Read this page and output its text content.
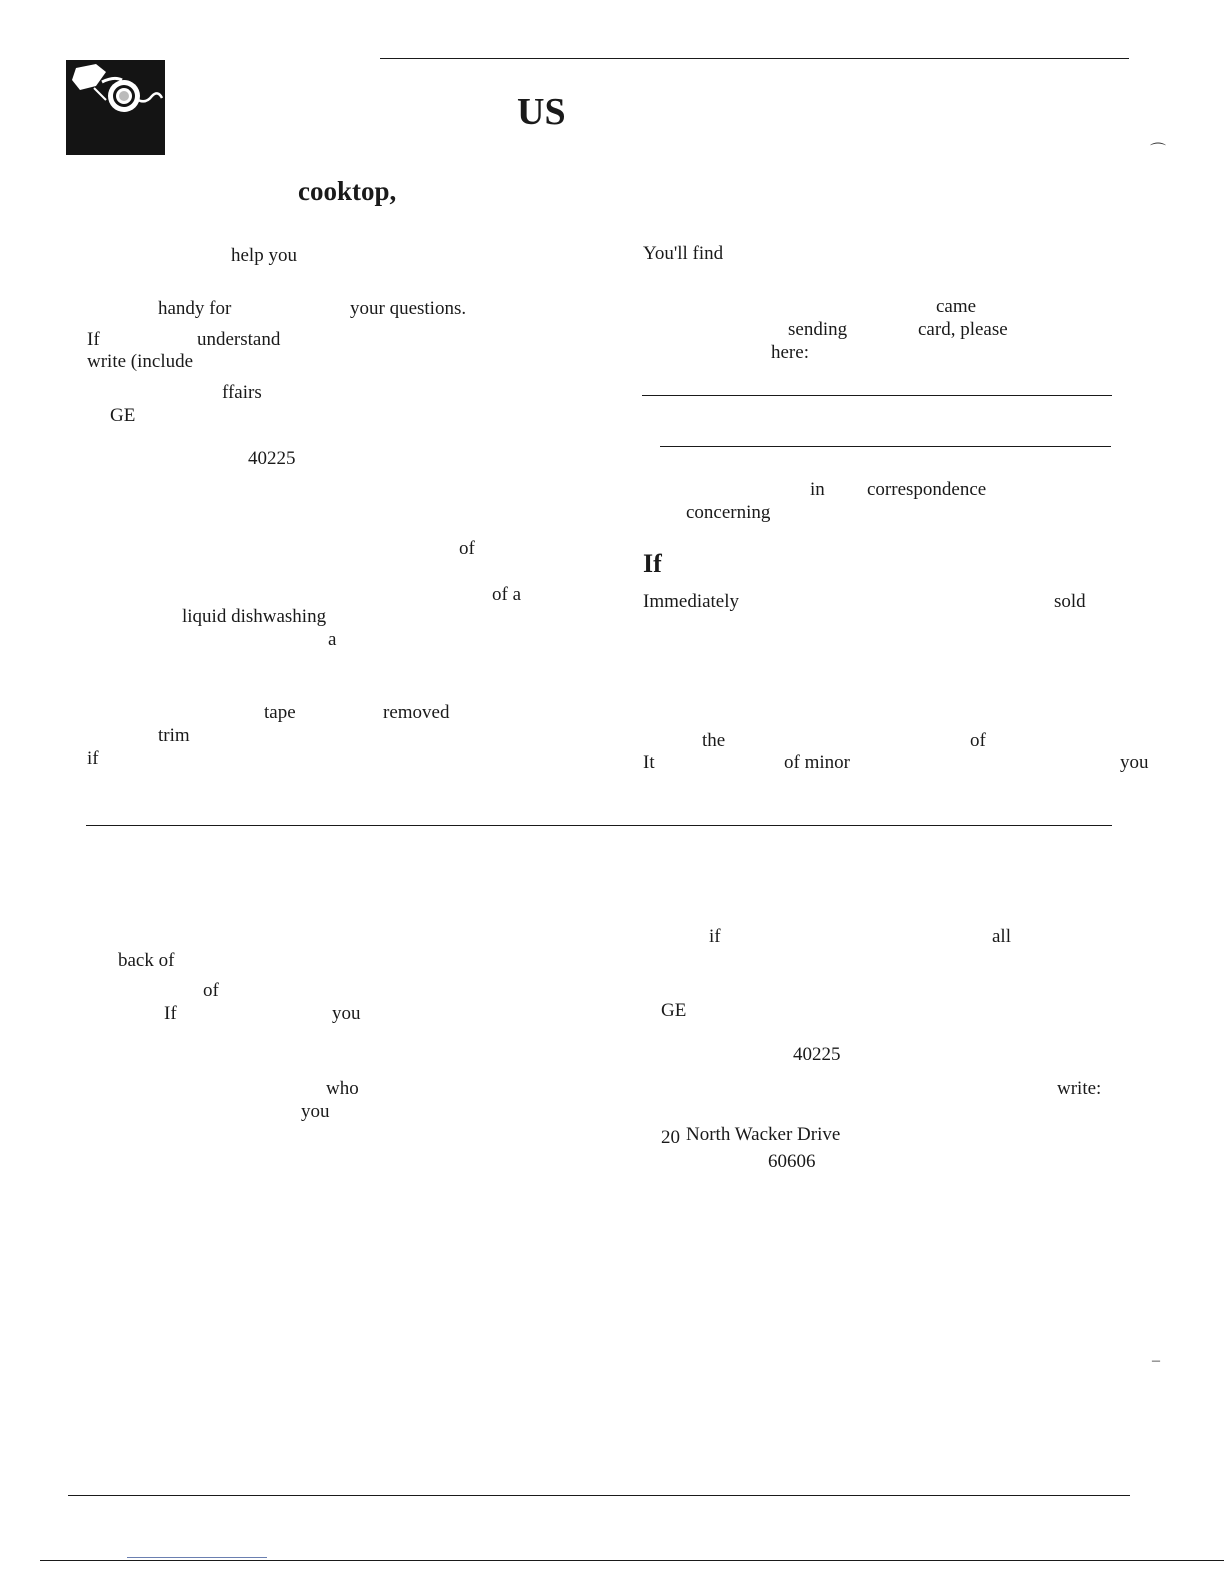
US
cooktop,
⌒
–
help you
handy for	your questions.
If	understand
write (include
ffairs
GE
40225
of
of a
liquid dishwashing
a
tape	removed
trim
if
You'll find
came
sending	card, please
here:
in correspondence
concerning
If
Immediately	sold
the	of
It	of minor	you
back of
of
If	you
who
you
if	all
GE
40225
write:
20 North Wacker Drive
60606
